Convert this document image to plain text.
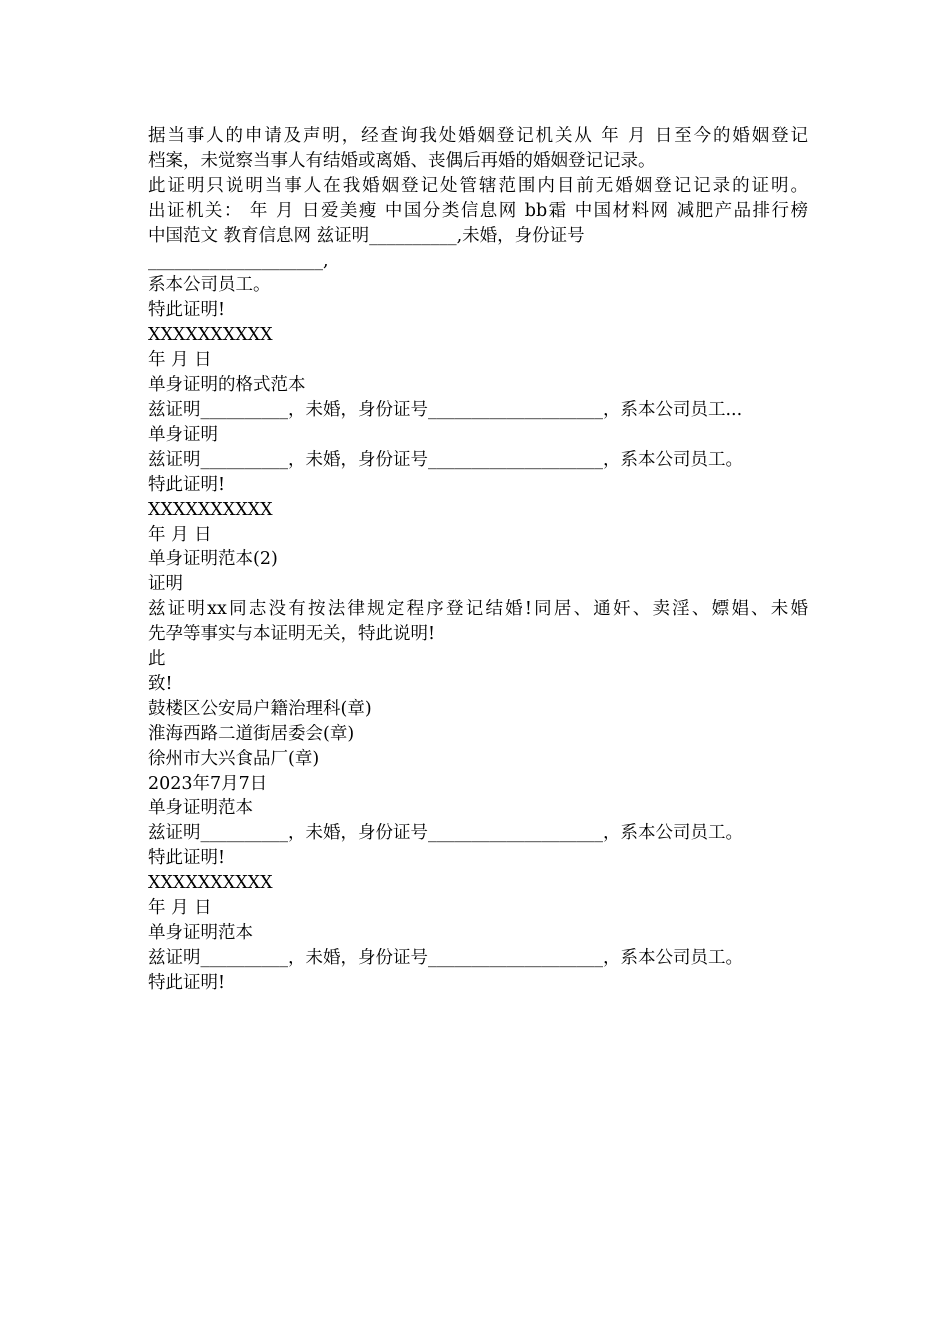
据当事人的申请及声明，经查询我处婚姻登记机关从 年 月 日至今的婚姻登记
档案，未觉察当事人有结婚或离婚、丧偶后再婚的婚姻登记记录。
此证明只说明当事人在我婚姻登记处管辖范围内目前无婚姻登记记录的证明。
出证机关： 年 月 日爱美瘦 中国分类信息网 bb霜 中国材料网 减肥产品排行榜
中国范文 教育信息网 兹证明__________,未婚，身份证号
____________________,
系本公司员工。
特此证明!
XXXXXXXXXX
年 月 日
单身证明的格式范本
兹证明__________，未婚，身份证号____________________，系本公司员工...
单身证明
兹证明__________，未婚，身份证号____________________，系本公司员工。
特此证明!
XXXXXXXXXX
年 月 日
单身证明范本(2)
证明
兹证明xx同志没有按法律规定程序登记结婚!同居、通奸、卖淫、嫖娼、未婚
先孕等事实与本证明无关，特此说明!
此
致!
鼓楼区公安局户籍治理科(章)
淮海西路二道街居委会(章)
徐州市大兴食品厂(章)
2023年7月7日
单身证明范本
兹证明__________，未婚，身份证号____________________，系本公司员工。
特此证明!
XXXXXXXXXX
年 月 日
单身证明范本
兹证明__________，未婚，身份证号____________________，系本公司员工。
特此证明!
